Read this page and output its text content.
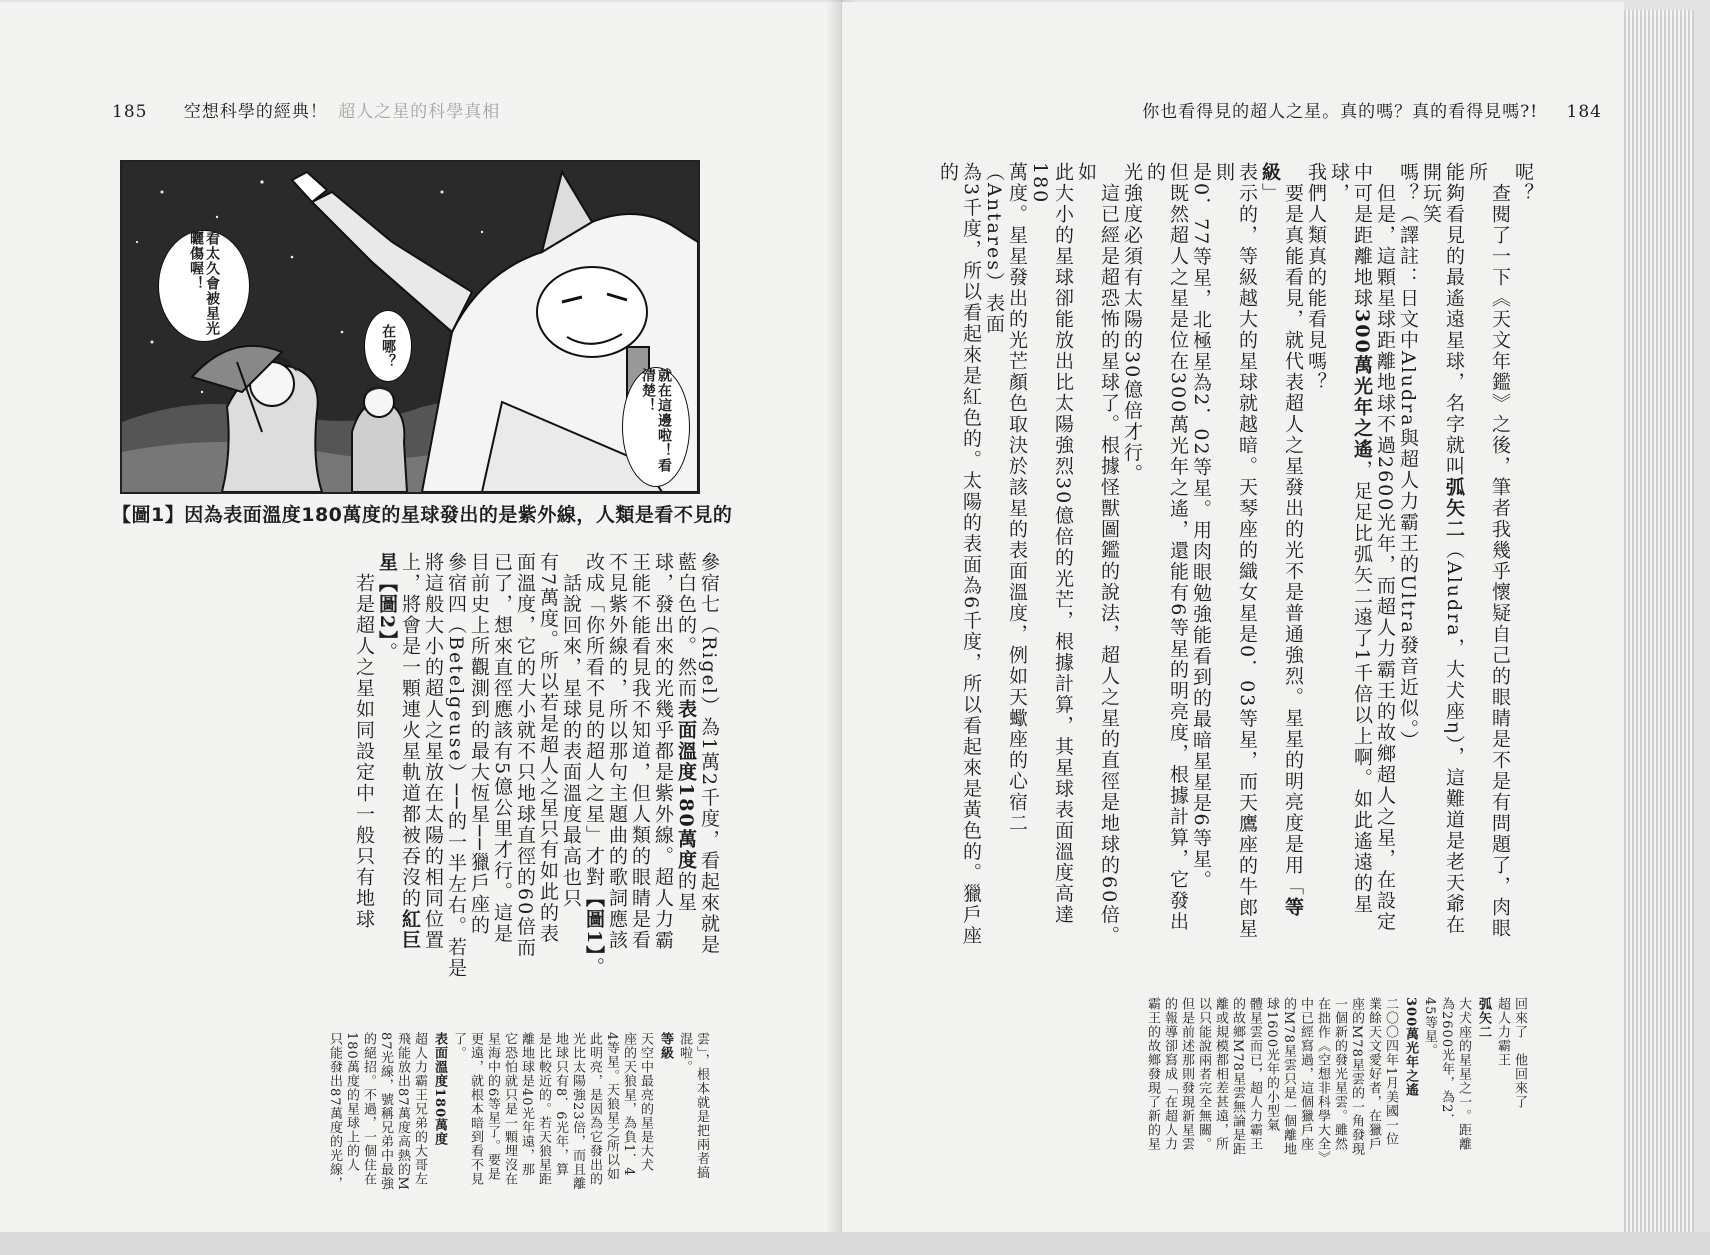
185 空想科學的經典！ 超人之星的科學真相
看太久會被星光曬傷喔！
在哪？
就在這邊啦！看清楚！
【圖1】因為表面溫度180萬度的星球發出的是紫外線，人類是看不見的
參宿七（Rigel）為1萬2千度，看起來就是
藍白色的。然而表面溫度180萬度的星
球，發出來的光幾乎都是紫外線。超人力霸
王能不能看見我不知道，但人類的眼睛是看
不見紫外線的，所以那句主題曲的歌詞應該
改成「你所看不見的超人之星」才對【圖1】。
　話說回來，星球的表面溫度最高也只
有7萬度。所以若是超人之星只有如此的表
面溫度，它的大小就不只地球直徑的60倍而
已了，想來直徑應該有5億公里才行。這是
目前史上所觀測到的最大恆星──獵戶座的
參宿四（Betelgeuse）──的一半左右。若是
將這般大小的超人之星放在太陽的相同位置
上，將會是一顆連火星軌道都被吞沒的紅巨
星【圖2】。
　若是超人之星如同設定中一般只有地球
雲」，根本就是把兩者搞
混啦。
等級
天空中最亮的星是大犬
座的天狼星，為負1．4
4等星。天狼星之所以如
此明亮，是因為它發出的
光比太陽強23倍，而且離
地球只有8．6光年，算
是比較近的。若天狼星距
離地球是40光年遠，那
它恐怕就只是一顆埋沒在
星海中的6等星了。要是
更遠，就根本暗到看不見
了。
表面溫度180萬度
超人力霸王兄弟的大哥左
飛能放出87萬度高熱的M
87光線，號稱兄弟中最強
的絕招。不過，一個住在
180萬度的星球上的人
只能發出87萬度的光線，
你也看得見的超人之星。真的嗎？真的看得見嗎?! 184
呢？
　查閱了一下《天文年鑑》之後，筆者我幾乎懷疑自己的眼睛是不是有問題了，肉眼所
能夠看見的最遙遠星球，名字就叫弧矢二（Aludra，大犬座η），這難道是老天爺在開玩笑
嗎？（譯註：日文中Aludra與超人力霸王的Ultra發音近似。）
　但是，這顆星球距離地球不過2600光年，而超人力霸王的故鄉超人之星，在設定
中可是距離地球300萬光年之遙，足足比弧矢二遠了1千倍以上啊。如此遙遠的星球，
我們人類真的能看見嗎？
　要是真能看見，就代表超人之星發出的光不是普通強烈。星星的明亮度是用「等級」
表示的，等級越大的星球就越暗。天琴座的織女星是0．03等星，而天鷹座的牛郎星則
是0．77等星，北極星為2．02等星。用肉眼勉強能看到的最暗星星是6等星。
但既然超人之星是位在300萬光年之遙，還能有6等星的明亮度，根據計算，它發出的
光強度必須有太陽的30億倍才行。
　這已經是超恐怖的星球了。根據怪獸圖鑑的說法，超人之星的直徑是地球的60倍。如
此大小的星球卻能放出比太陽強烈30億倍的光芒，根據計算，其星球表面溫度高達180
萬度。星星發出的光芒顏色取決於該星的表面溫度，例如天蠍座的心宿二（Antares）表面
為3千度，所以看起來是紅色的。太陽的表面為6千度，所以看起來是黃色的。獵戶座的
回來了　他回來了
超人力霸王
弧矢二
大犬座的星星之一。距離
為2600光年，為2．
45等星。
300萬光年之遙
二〇〇四年1月美國一位
業餘天文愛好者，在獵戶
座的M78星雲的一角發現
一個新的發光星雲。雖然
在拙作《空想非科學大全》
中已經寫過，這個獵戶座
的M78星雲只是一個離地
球1600光年的小型氣
體星雲而已，超人力霸王
的故鄉M78星雲無論是距
離或規模都相差甚遠，所
以只能說兩者完全無關。
但是前述那則發現新星雲
的報導卻寫成「在超人力
霸王的故鄉發現了新的星
